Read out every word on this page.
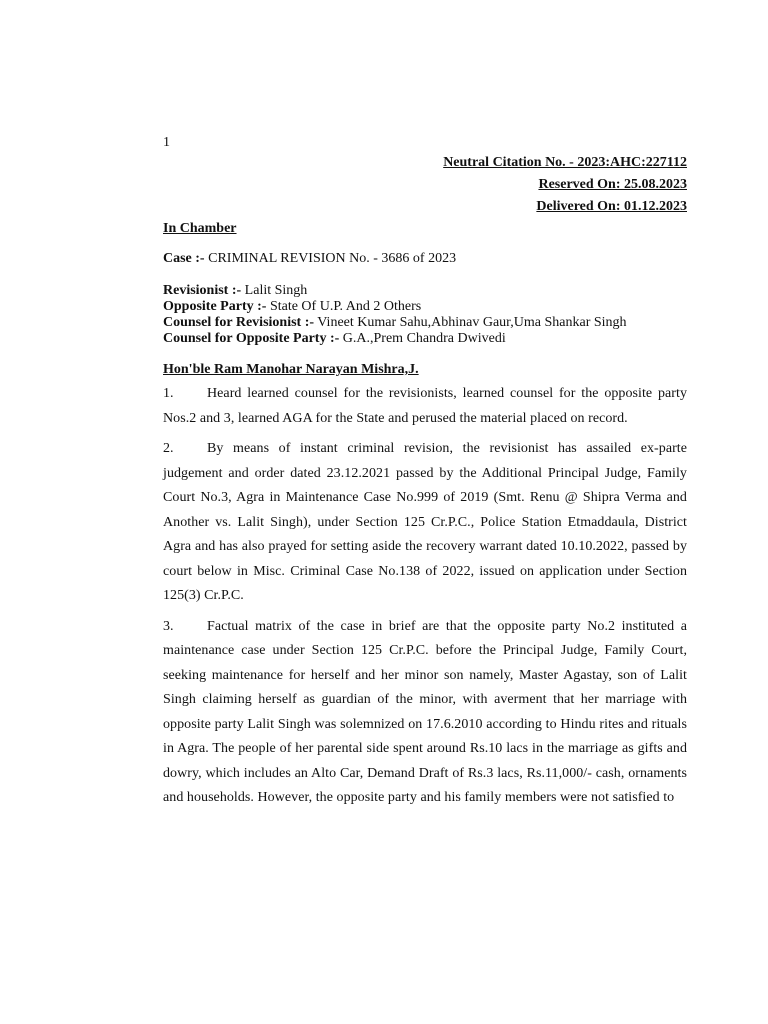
1

Neutral Citation No. - 2023:AHC:227112

Reserved On: 25.08.2023

Delivered On: 01.12.2023

In Chamber

Case :- CRIMINAL REVISION No. - 3686 of 2023

Revisionist :- Lalit Singh

Opposite Party :- State Of U.P. And 2 Others

Counsel for Revisionist :- Vineet Kumar Sahu,Abhinav Gaur,Uma Shankar Singh

Counsel for Opposite Party :- G.A.,Prem Chandra Dwivedi

Hon'ble Ram Manohar Narayan Mishra,J.

1. Heard learned counsel for the revisionists, learned counsel for the opposite party Nos.2 and 3, learned AGA for the State and perused the material placed on record.

2. By means of instant criminal revision, the revisionist has assailed ex-parte judgement and order dated 23.12.2021 passed by the Additional Principal Judge, Family Court No.3, Agra in Maintenance Case No.999 of 2019 (Smt. Renu @ Shipra Verma and Another vs. Lalit Singh), under Section 125 Cr.P.C., Police Station Etmaddaula, District Agra and has also prayed for setting aside the recovery warrant dated 10.10.2022, passed by court below in Misc. Criminal Case No.138 of 2022, issued on application under Section 125(3) Cr.P.C.

3. Factual matrix of the case in brief are that the opposite party No.2 instituted a maintenance case under Section 125 Cr.P.C. before the Principal Judge, Family Court, seeking maintenance for herself and her minor son namely, Master Agastay, son of Lalit Singh claiming herself as guardian of the minor, with averment that her marriage with opposite party Lalit Singh was solemnized on 17.6.2010 according to Hindu rites and rituals in Agra. The people of her parental side spent around Rs.10 lacs in the marriage as gifts and dowry, which includes an Alto Car, Demand Draft of Rs.3 lacs, Rs.11,000/- cash, ornaments and households. However, the opposite party and his family members were not satisfied to
